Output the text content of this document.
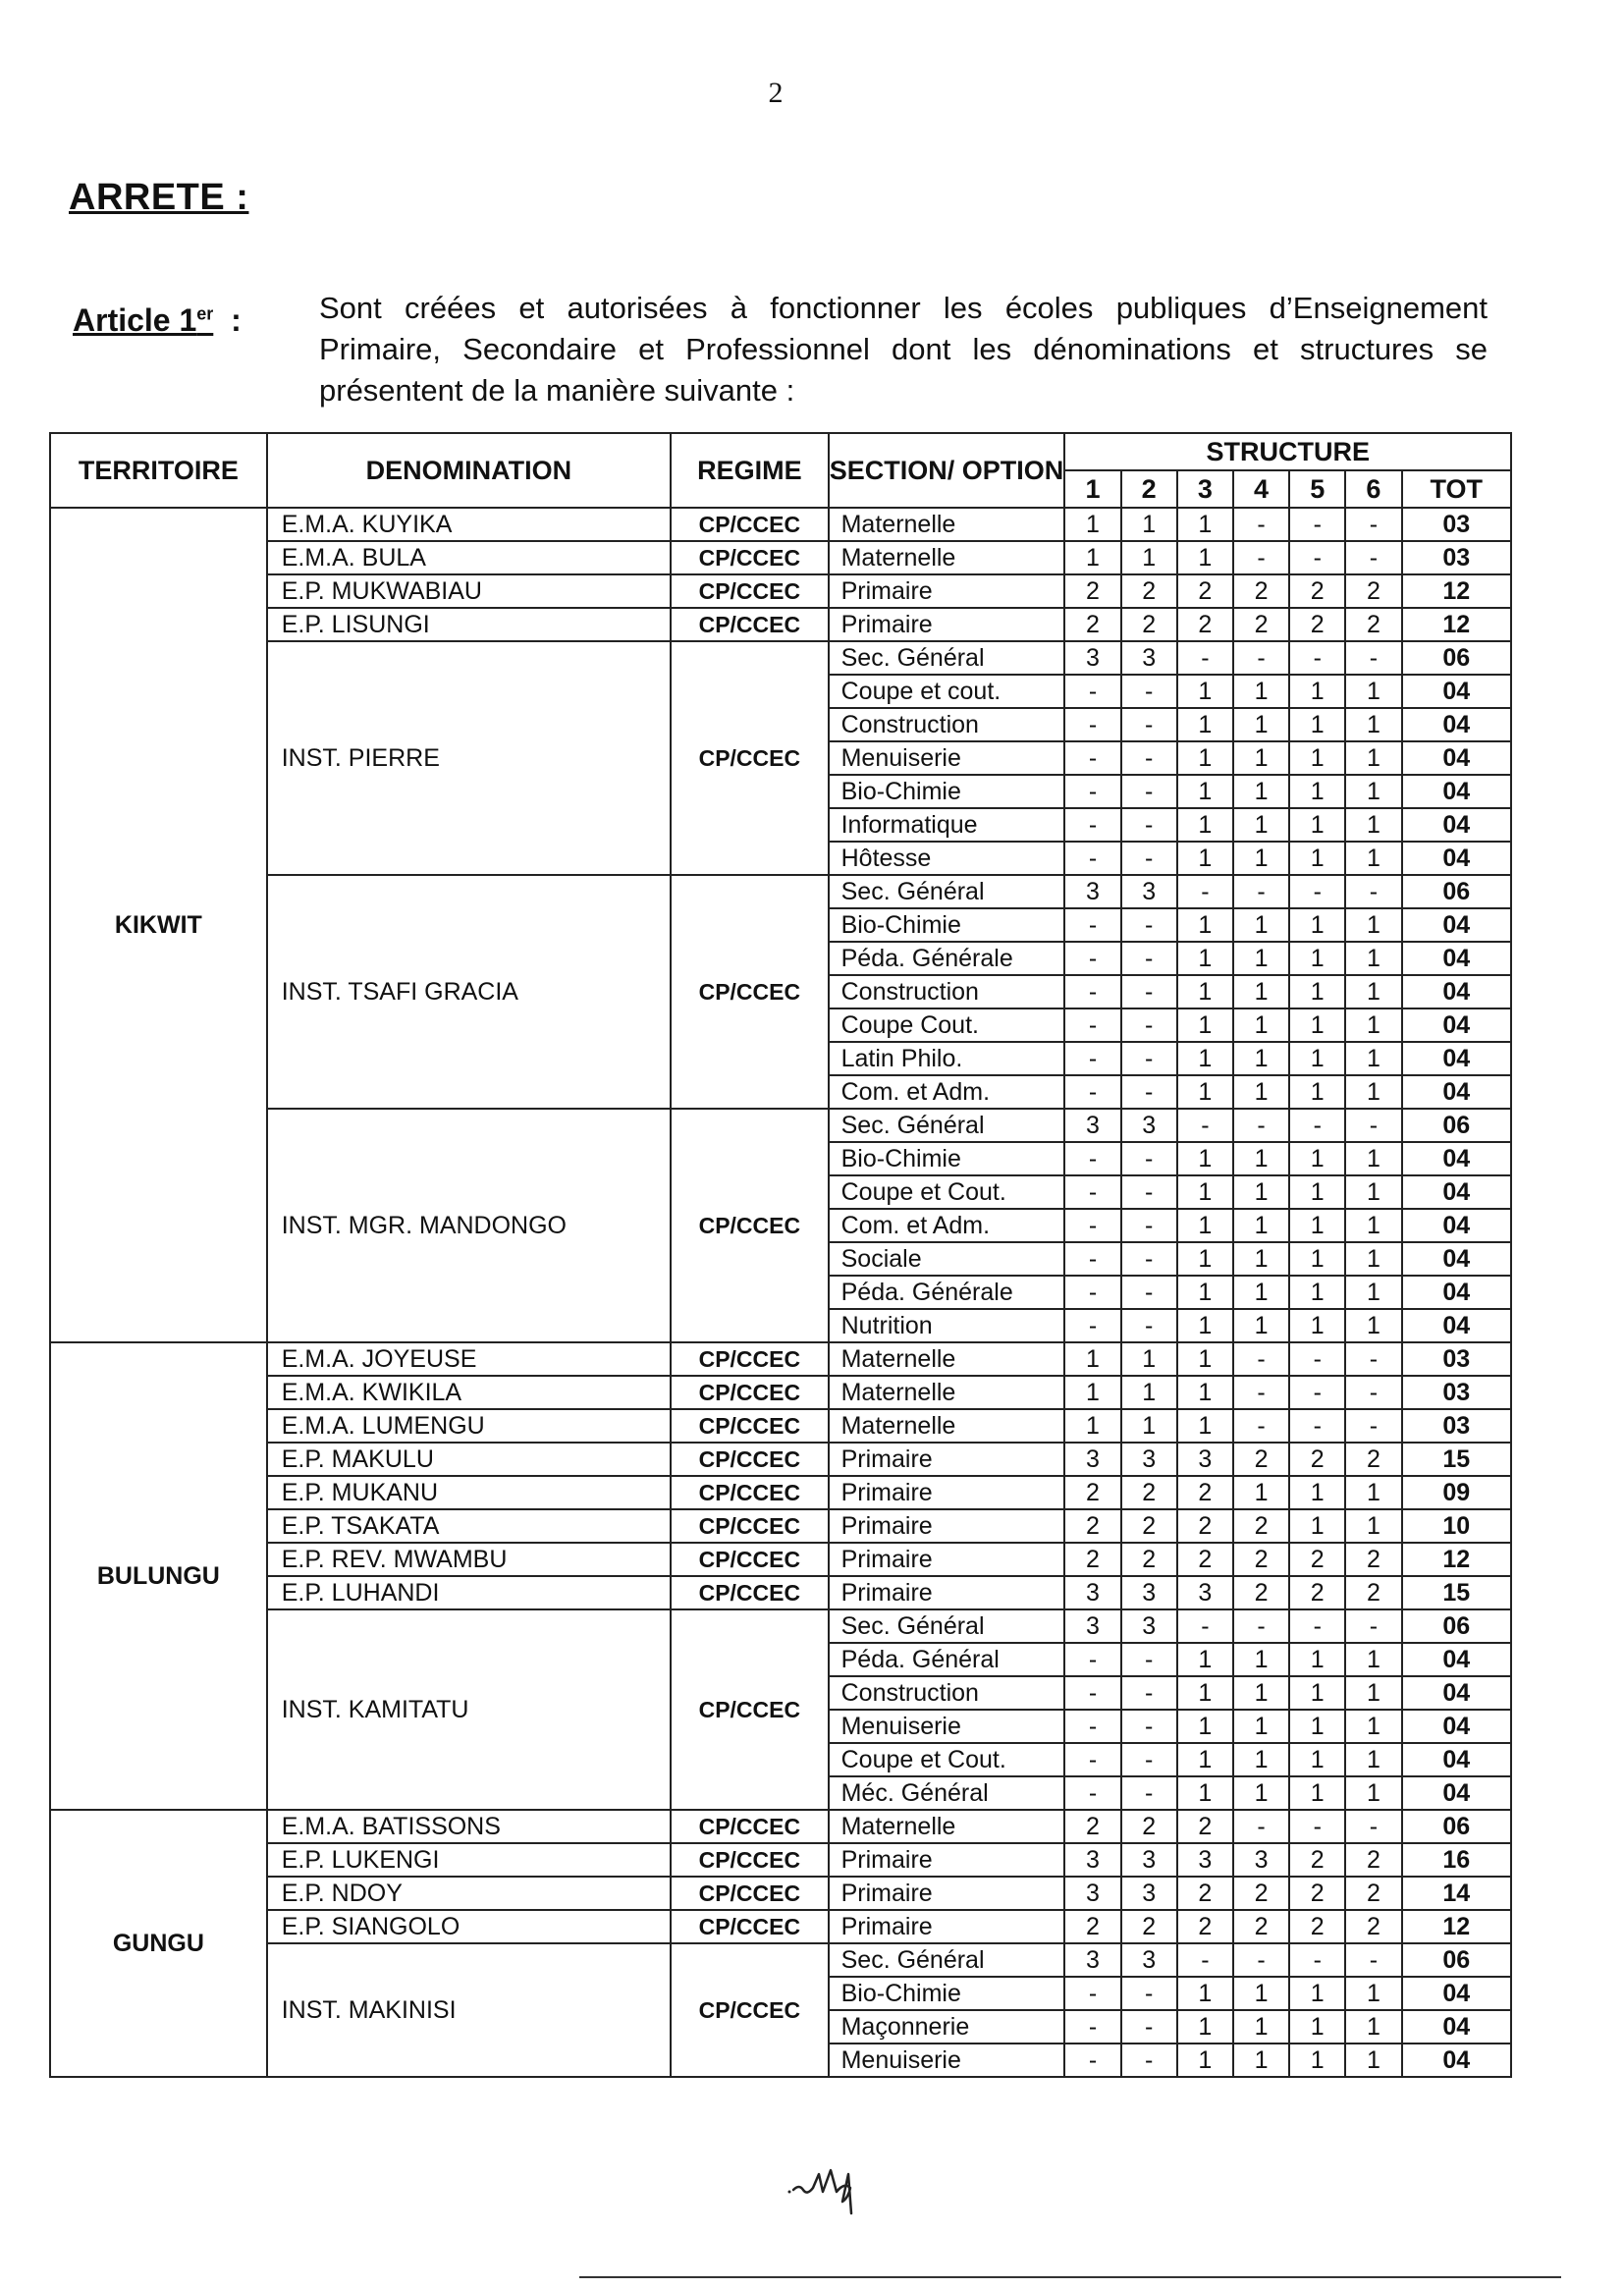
2
ARRETE :
Article 1er :	Sont créées et autorisées à fonctionner les écoles publiques d’Enseignement Primaire, Secondaire et Professionnel dont les dénominations et structures se présentent de la manière suivante :
TERRITOIRE	DENOMINATION	REGIME	SECTION/ OPTION	STRUCTURE						
				1	2	3	4	5	6	TOT
KIKWIT	E.M.A. KUYIKA	CP/CCEC	Maternelle	1	1	1	-	-	-	03
	E.M.A. BULA	CP/CCEC	Maternelle	1	1	1	-	-	-	03
	E.P. MUKWABIAU	CP/CCEC	Primaire	2	2	2	2	2	2	12
	E.P. LISUNGI	CP/CCEC	Primaire	2	2	2	2	2	2	12
	INST. PIERRE	CP/CCEC	Sec. Général	3	3	-	-	-	-	06
			Coupe et cout.	-	-	1	1	1	1	04
			Construction	-	-	1	1	1	1	04
			Menuiserie	-	-	1	1	1	1	04
			Bio-Chimie	-	-	1	1	1	1	04
			Informatique	-	-	1	1	1	1	04
			Hôtesse	-	-	1	1	1	1	04
	INST. TSAFI GRACIA	CP/CCEC	Sec. Général	3	3	-	-	-	-	06
			Bio-Chimie	-	-	1	1	1	1	04
			Péda. Générale	-	-	1	1	1	1	04
			Construction	-	-	1	1	1	1	04
			Coupe Cout.	-	-	1	1	1	1	04
			Latin Philo.	-	-	1	1	1	1	04
			Com. et Adm.	-	-	1	1	1	1	04
	INST. MGR. MANDONGO	CP/CCEC	Sec. Général	3	3	-	-	-	-	06
			Bio-Chimie	-	-	1	1	1	1	04
			Coupe et Cout.	-	-	1	1	1	1	04
			Com. et Adm.	-	-	1	1	1	1	04
			Sociale	-	-	1	1	1	1	04
			Péda. Générale	-	-	1	1	1	1	04
			Nutrition	-	-	1	1	1	1	04
BULUNGU	E.M.A. JOYEUSE	CP/CCEC	Maternelle	1	1	1	-	-	-	03
	E.M.A. KWIKILA	CP/CCEC	Maternelle	1	1	1	-	-	-	03
	E.M.A. LUMENGU	CP/CCEC	Maternelle	1	1	1	-	-	-	03
	E.P. MAKULU	CP/CCEC	Primaire	3	3	3	2	2	2	15
	E.P. MUKANU	CP/CCEC	Primaire	2	2	2	1	1	1	09
	E.P. TSAKATA	CP/CCEC	Primaire	2	2	2	2	1	1	10
	E.P. REV. MWAMBU	CP/CCEC	Primaire	2	2	2	2	2	2	12
	E.P. LUHANDI	CP/CCEC	Primaire	3	3	3	2	2	2	15
	INST. KAMITATU	CP/CCEC	Sec. Général	3	3	-	-	-	-	06
			Péda. Général	-	-	1	1	1	1	04
			Construction	-	-	1	1	1	1	04
			Menuiserie	-	-	1	1	1	1	04
			Coupe et Cout.	-	-	1	1	1	1	04
			Méc. Général	-	-	1	1	1	1	04
GUNGU	E.M.A. BATISSONS	CP/CCEC	Maternelle	2	2	2	-	-	-	06
	E.P. LUKENGI	CP/CCEC	Primaire	3	3	3	3	2	2	16
	E.P. NDOY	CP/CCEC	Primaire	3	3	2	2	2	2	14
	E.P. SIANGOLO	CP/CCEC	Primaire	2	2	2	2	2	2	12
	INST. MAKINISI	CP/CCEC	Sec. Général	3	3	-	-	-	-	06
			Bio-Chimie	-	-	1	1	1	1	04
			Maçonnerie	-	-	1	1	1	1	04
			Menuiserie	-	-	1	1	1	1	04
